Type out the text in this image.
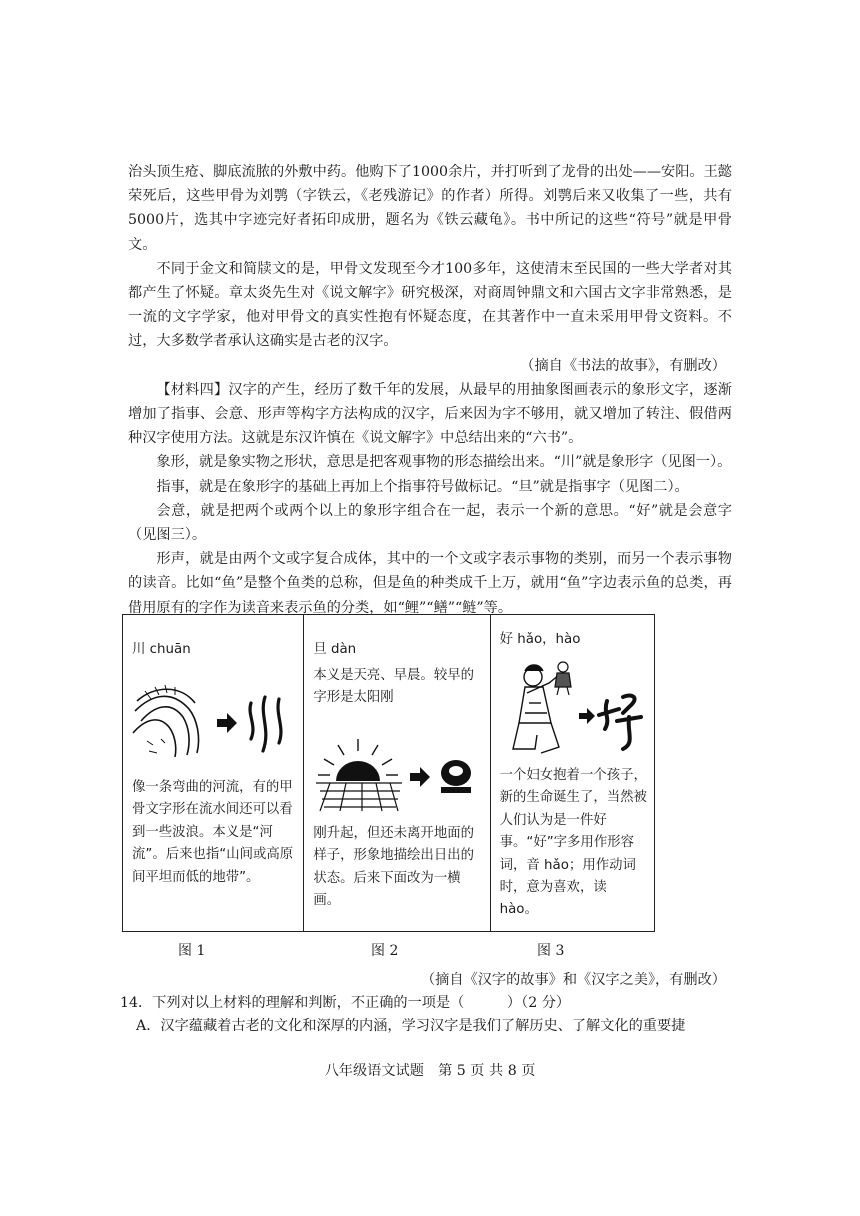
治头顶生疮、脚底流脓的外敷中药。他购下了1000余片，并打听到了龙骨的出处——安阳。王懿荣死后，这些甲骨为刘鹗（字铁云，《老残游记》的作者）所得。刘鹗后来又收集了一些，共有5000片，选其中字迹完好者拓印成册，题名为《铁云藏龟》。书中所记的这些“符号”就是甲骨文。

不同于金文和简牍文的是，甲骨文发现至今才100多年，这使清末至民国的一些大学者对其都产生了怀疑。章太炎先生对《说文解字》研究极深，对商周钟鼎文和六国古文字非常熟悉，是一流的文字学家，他对甲骨文的真实性抱有怀疑态度，在其著作中一直未采用甲骨文资料。不过，大多数学者承认这确实是古老的汉字。

（摘自《书法的故事》，有删改）

【材料四】汉字的产生，经历了数千年的发展，从最早的用抽象图画表示的象形文字，逐渐增加了指事、会意、形声等构字方法构成的汉字，后来因为字不够用，就又增加了转注、假借两种汉字使用方法。这就是东汉许慎在《说文解字》中总结出来的“六书”。

象形，就是象实物之形状，意思是把客观事物的形态描绘出来。“川”就是象形字（见图一）。

指事，就是在象形字的基础上再加上个指事符号做标记。“旦”就是指事字（见图二）。

会意，就是把两个或两个以上的象形字组合在一起，表示一个新的意思。“好”就是会意字（见图三）。

形声，就是由两个文或字复合成体，其中的一个文或字表示事物的类别，而另一个表示事物的读音。比如“鱼”是整个鱼类的总称，但是鱼的种类成千上万，就用“鱼”字边表示鱼的总类，再借用原有的字作为读音来表示鱼的分类，如“鲤”“鳝”“鲢”等。

川 chuān
像一条弯曲的河流，有的甲骨文字形在流水间还可以看到一些波浪。本义是“河流”。后来也指“山间或高原间平坦而低的地带”。
旦 dàn
本义是天亮、早晨。较早的字形是太阳刚
刚升起，但还未离开地面的样子，形象地描绘出日出的状态。后来下面改为一横画。
好 hǎo，hào
一个妇女抱着一个孩子，新的生命诞生了，当然被人们认为是一件好事。“好”字多用作形容词，音 hǎo；用作动词时，意为喜欢，读 hào。
图 1	图 2	图 3

（摘自《汉字的故事》和《汉字之美》，有删改）

14．下列对以上材料的理解和判断，不正确的一项是（　　　）（2 分）

A．汉字蕴藏着古老的文化和深厚的内涵，学习汉字是我们了解历史、了解文化的重要捷

八年级语文试题　第 5 页 共 8 页
